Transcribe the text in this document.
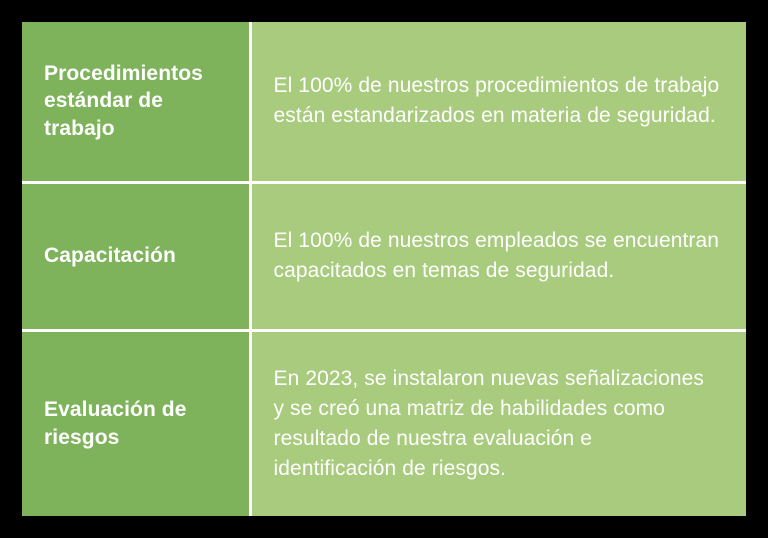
Procedimientos estándar de trabajo	El 100% de nuestros procedimientos de trabajo están estandarizados en materia de seguridad.
Capacitación	El 100% de nuestros empleados se encuentran capacitados en temas de seguridad.
Evaluación de riesgos	En 2023, se instalaron nuevas señalizaciones y se creó una matriz de habilidades como resultado de nuestra evaluación e identificación de riesgos.
